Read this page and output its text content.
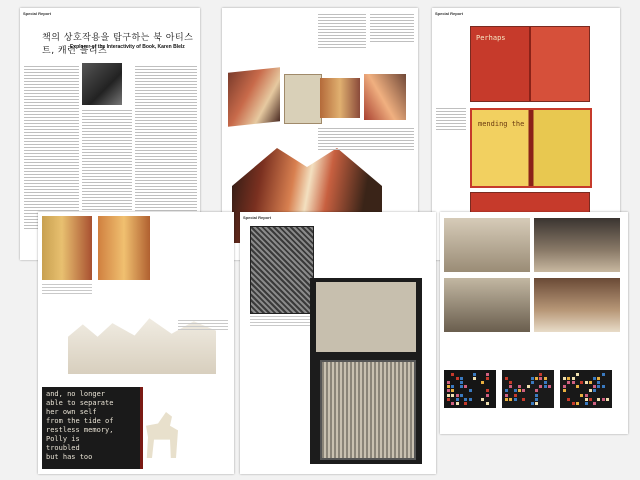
Special Report
책의 상호작용을 탐구하는 북 아티스트, 캐런 블리츠
Explorer of the Interactivity of Book, Karen Blelz
Special Report
Perhaps
mending the
and, no longer
able to separate
her own self
from the tide of
restless memory,
Polly is
troubled
but has too
Special Report
